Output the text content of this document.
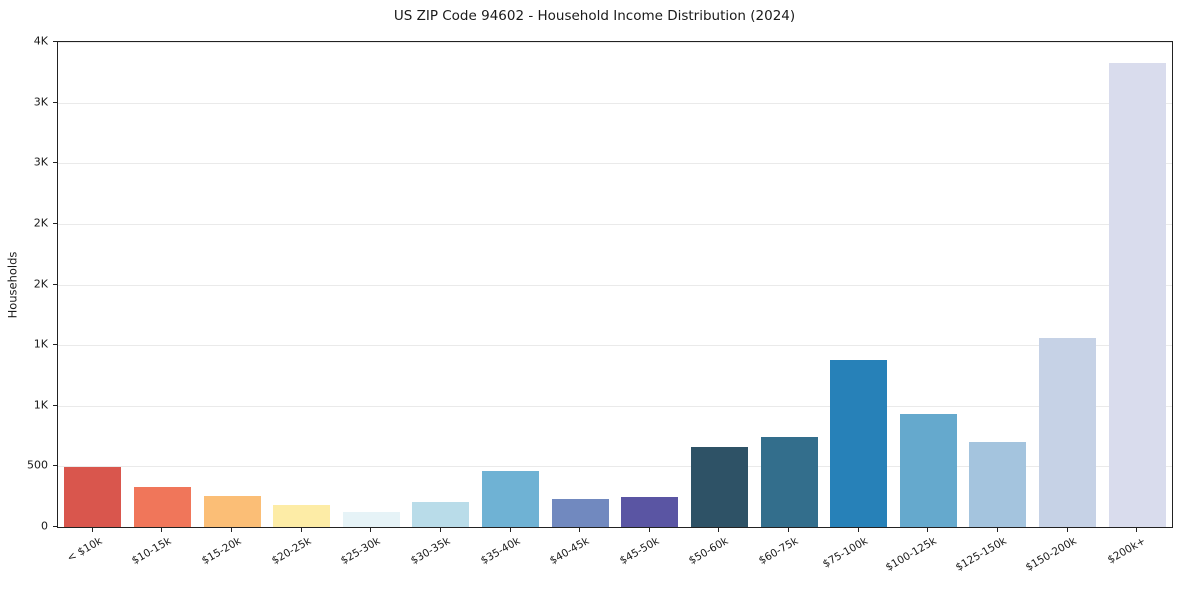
US ZIP Code 94602 - Household Income Distribution (2024)
Households
0
500
1K
1K
2K
2K
3K
3K
4K
< $10k $10-15k $15-20k $20-25k $25-30k $30-35k $35-40k $40-45k $45-50k $50-60k $60-75k $75-100k $100-125k $125-150k $150-200k	$200k+
